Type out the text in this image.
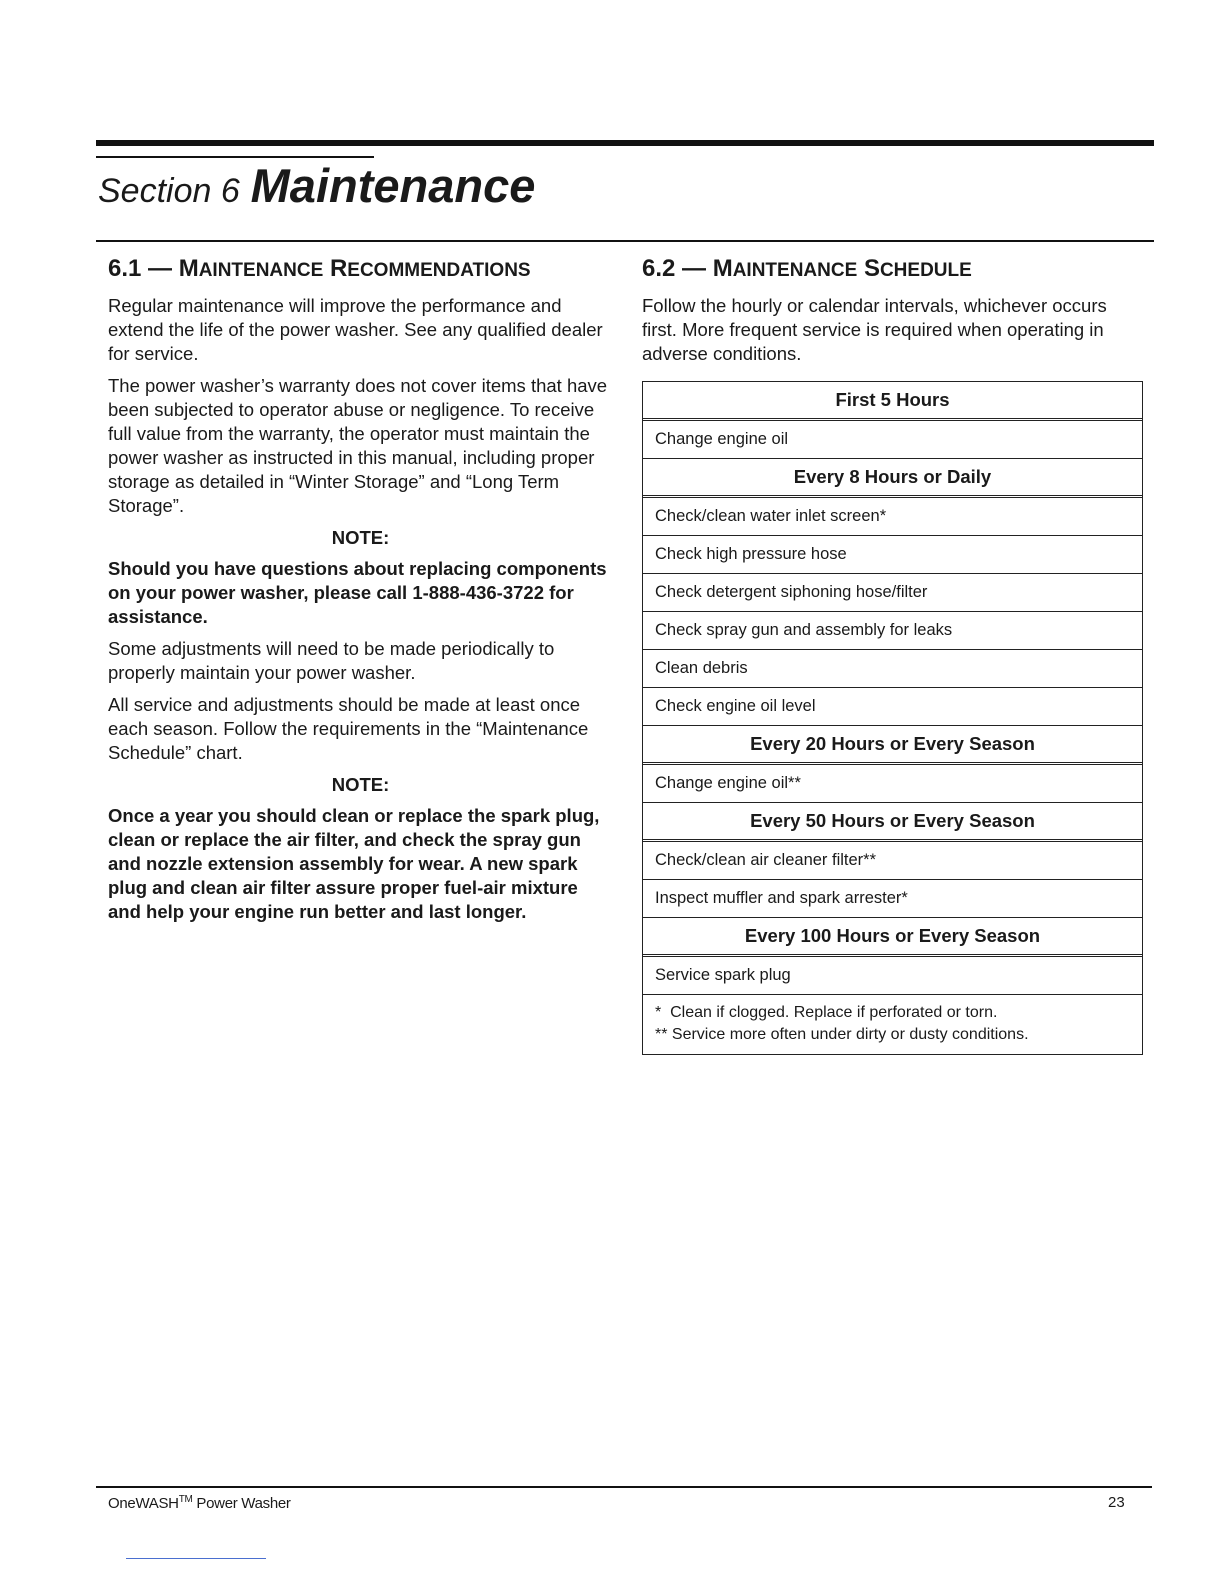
Section 6 Maintenance
6.1 — MAINTENANCE RECOMMENDATIONS

Regular maintenance will improve the performance and extend the life of the power washer. See any qualified dealer for service.

The power washer’s warranty does not cover items that have been subjected to operator abuse or negligence. To receive full value from the warranty, the operator must maintain the power washer as instructed in this manual, including proper storage as detailed in “Winter Storage” and “Long Term Storage”.

NOTE:
Should you have questions about replacing components on your power washer, please call 1-888-436-3722 for assistance.

Some adjustments will need to be made periodically to properly maintain your power washer.

All service and adjustments should be made at least once each season. Follow the requirements in the “Maintenance Schedule” chart.

NOTE:
Once a year you should clean or replace the spark plug, clean or replace the air filter, and check the spray gun and nozzle extension assembly for wear. A new spark plug and clean air filter assure proper fuel-air mixture and help your engine run better and last longer.
6.2 — MAINTENANCE SCHEDULE

Follow the hourly or calendar intervals, whichever occurs first. More frequent service is required when operating in adverse conditions.

First 5 Hours
Change engine oil
Every 8 Hours or Daily
Check/clean water inlet screen*
Check high pressure hose
Check detergent siphoning hose/filter
Check spray gun and assembly for leaks
Clean debris
Check engine oil level
Every 20 Hours or Every Season
Change engine oil**
Every 50 Hours or Every Season
Check/clean air cleaner filter**
Inspect muffler and spark arrester*
Every 100 Hours or Every Season
Service spark plug
*  Clean if clogged. Replace if perforated or torn.
** Service more often under dirty or dusty conditions.
OneWASH™ Power Washer	23
